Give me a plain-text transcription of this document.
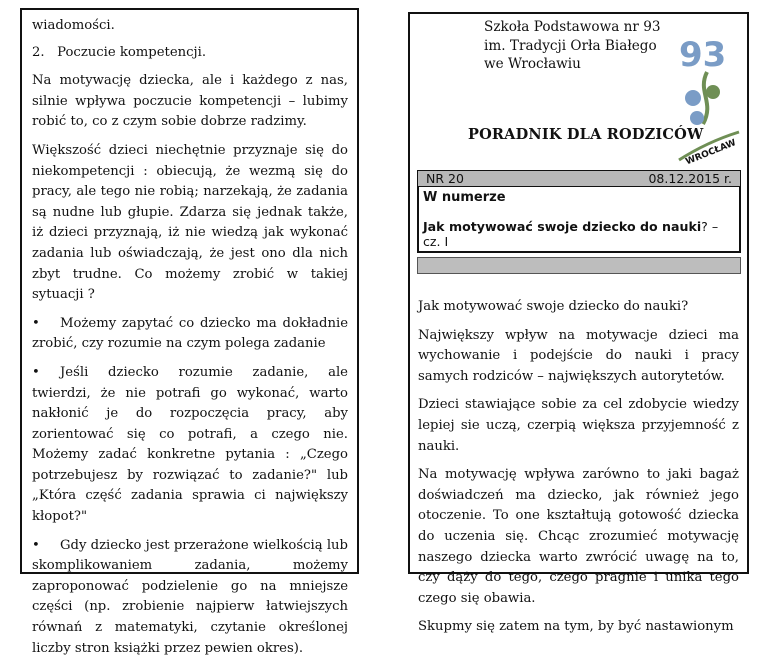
wiadomości.

2.   Poczucie kompetencji.

Na motywację dziecka, ale i każdego z nas, silnie wpływa poczucie kompetencji – lubimy robić to, co z czym sobie dobrze radzimy.

Większość dzieci niechętnie przyznaje się do niekompetencji : obiecują, że wezmą się do pracy, ale tego nie robią; narzekają, że zadania są nudne lub głupie. Zdarza się jednak także, iż dzieci przyznają, iż nie wiedzą jak wykonać zadania lub oświadczają, że jest ono dla nich zbyt trudne. Co możemy zrobić w takiej sytuacji ?

• Możemy zapytać co dziecko ma dokładnie zrobić, czy rozumie na czym polega zadanie

• Jeśli dziecko rozumie zadanie, ale twierdzi, że nie potrafi go wykonać, warto nakłonić je do rozpoczęcia pracy, aby zorientować się co potrafi, a czego nie. Możemy zadać konkretne pytania : „Czego potrzebujesz by rozwiązać to zadanie?" lub „Która część zadania sprawia ci największy kłopot?"

• Gdy dziecko jest przerażone wielkością lub skomplikowaniem zadania, możemy zaproponować podzielenie go na mniejsze części (np. zrobienie najpierw łatwiejszych równań z matematyki, czytanie określonej liczby stron książki przez pewien okres).

Szkoła Podstawowa nr 93
im. Tradycji Orła Białego
we Wrocławiu
PORADNIK DLA RODZICÓW
93
WROCŁAW
NR 20	08.12.2015 r.
W numerze
Jak motywować swoje dziecko do nauki? – cz. I

Jak motywować swoje dziecko do nauki?

Największy wpływ na motywacje dzieci ma wychowanie i podejście do nauki i pracy samych rodziców – największych autorytetów.

Dzieci stawiające sobie za cel zdobycie wiedzy lepiej sie uczą, czerpią większa przyjemność z nauki.

Na motywację wpływa zarówno to jaki bagaż doświadczeń ma dziecko, jak również jego otoczenie. To one kształtują gotowość dziecka do uczenia się. Chcąc zrozumieć motywację naszego dziecka warto zwrócić uwagę na to, czy dąży do tego, czego pragnie i unika tego czego się obawia.

Skupmy się zatem na tym, by być nastawionym
